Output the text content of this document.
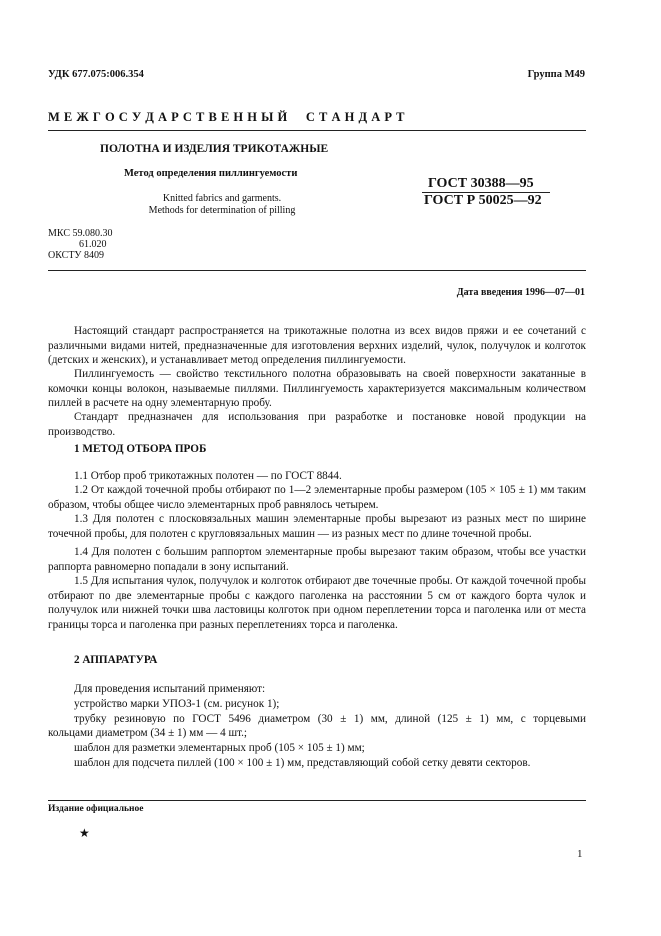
УДК 677.075:006.354	Группа М49
М Е Ж Г О С У Д А Р С Т В Е Н Н Ы Й     С Т А Н Д А Р Т
ПОЛОТНА И ИЗДЕЛИЯ ТРИКОТАЖНЫЕ
Метод определения пиллингуемости
Knitted fabrics and garments.
Methods for determination of pilling
ГОСТ 30388—95
ГОСТ Р 50025—92
МКС 59.080.30
61.020
ОКСТУ 8409
Дата введения 1996—07—01
Настоящий стандарт распространяется на трикотажные полотна из всех видов пряжи и ее сочетаний с различными видами нитей, предназначенные для изготовления верхних изделий, чулок, получулок и колготок (детских и женских), и устанавливает метод определения пиллингуемости.
Пиллингуемость — свойство текстильного полотна образовывать на своей поверхности закатанные в комочки концы волокон, называемые пиллями. Пиллингуемость характеризуется максимальным количеством пиллей в расчете на одну элементарную пробу.
Стандарт предназначен для использования при разработке и постановке новой продукции на производство.
1 МЕТОД ОТБОРА ПРОБ
1.1 Отбор проб трикотажных полотен — по ГОСТ 8844.
1.2 От каждой точечной пробы отбирают по 1—2 элементарные пробы размером (105 × 105 ± 1) мм таким образом, чтобы общее число элементарных проб равнялось четырем.
1.3 Для полотен с плосковязальных машин элементарные пробы вырезают из разных мест по ширине точечной пробы, для полотен с кругловязальных машин — из разных мест по длине точечной пробы.
1.4 Для полотен с большим раппортом элементарные пробы вырезают таким образом, чтобы все участки раппорта равномерно попадали в зону испытаний.
1.5 Для испытания чулок, получулок и колготок отбирают две точечные пробы. От каждой точечной пробы отбирают по две элементарные пробы с каждого паголенка на расстоянии 5 см от каждого борта чулок и получулок или нижней точки шва ластовицы колготок при одном переплетении торса и паголенка или от места границы торса и паголенка при разных переплетениях торса и паголенка.
2 АППАРАТУРА
Для проведения испытаний применяют:
устройство марки УПОЗ-1 (см. рисунок 1);
трубку резиновую по ГОСТ 5496 диаметром (30 ± 1) мм, длиной (125 ± 1) мм, с торцевыми
кольцами диаметром (34 ± 1) мм — 4 шт.;
шаблон для разметки элементарных проб (105 × 105 ± 1) мм;
шаблон для подсчета пиллей (100 × 100 ± 1) мм, представляющий собой сетку девяти секторов.
Издание официальное
★
1
